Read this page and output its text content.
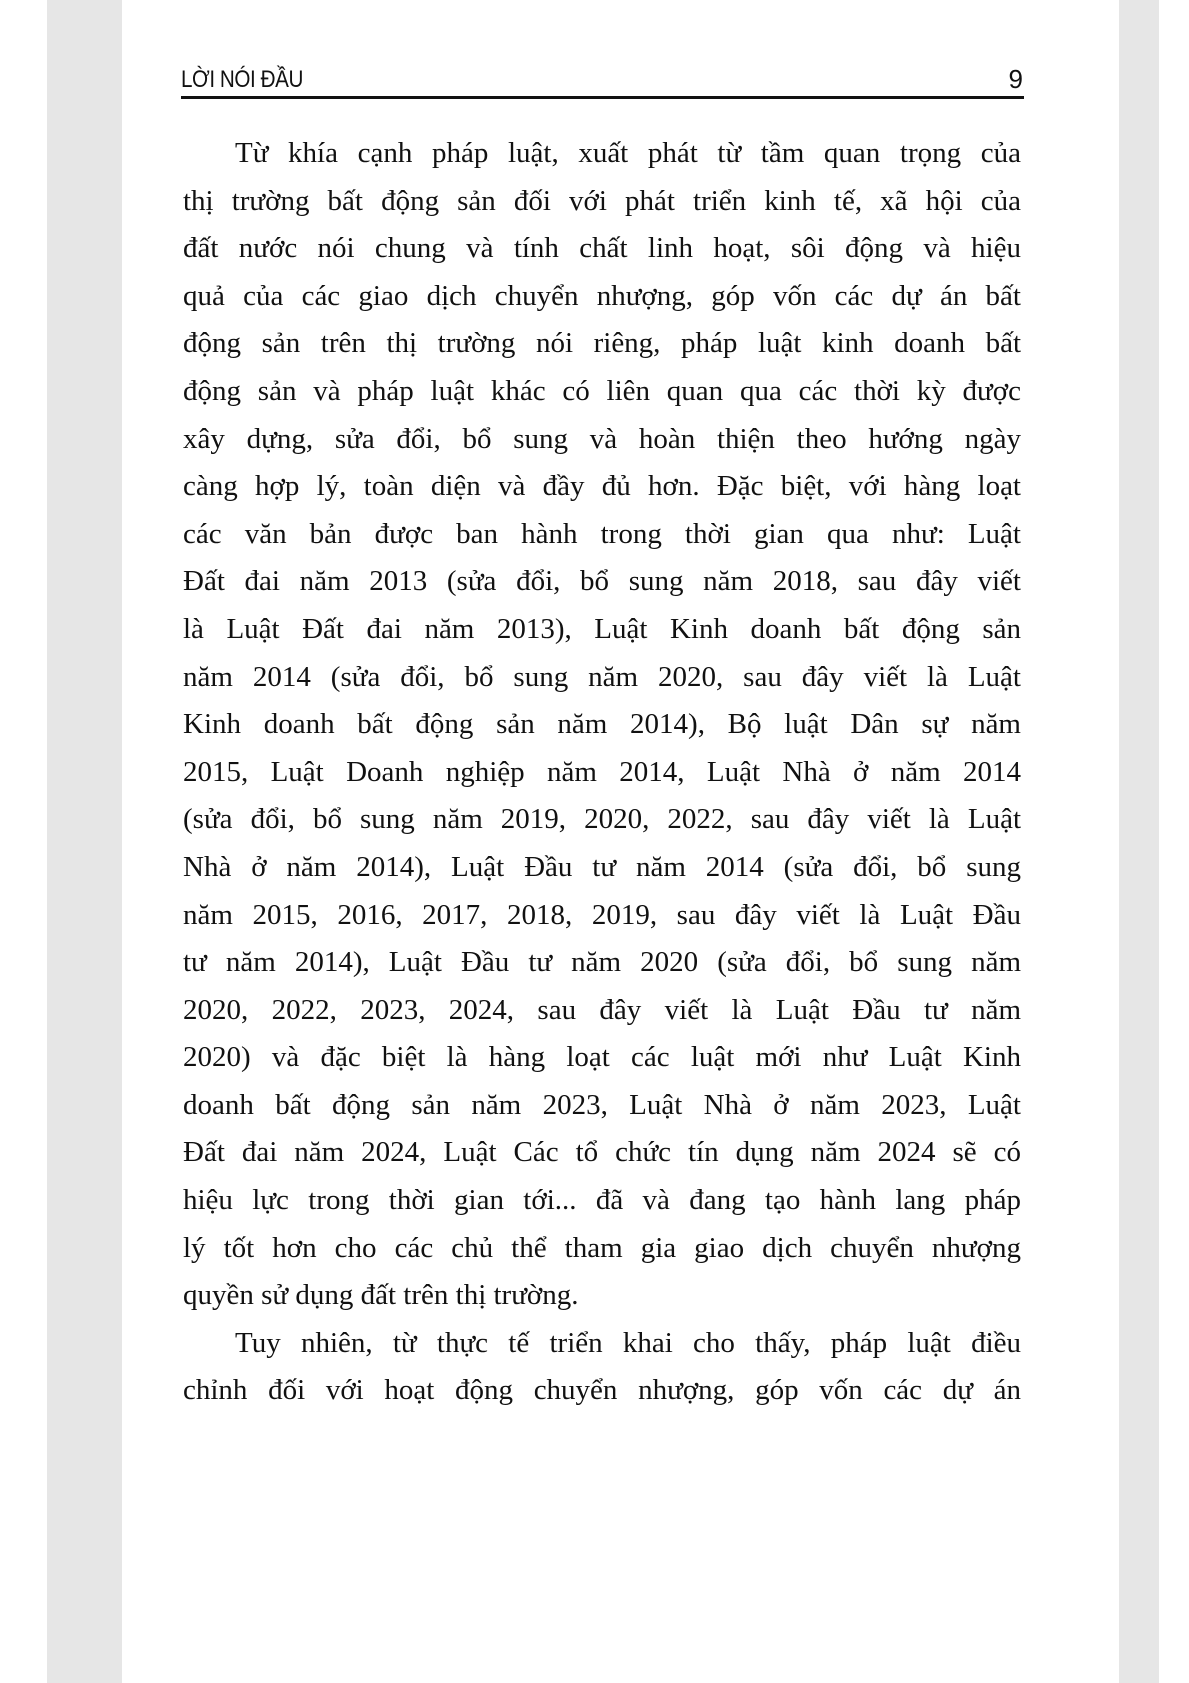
LỜI NÓI ĐẦU	9
Từ khía cạnh pháp luật, xuất phát từ tầm quan trọng của
thị trường bất động sản đối với phát triển kinh tế, xã hội của
đất nước nói chung và tính chất linh hoạt, sôi động và hiệu
quả của các giao dịch chuyển nhượng, góp vốn các dự án bất
động sản trên thị trường nói riêng, pháp luật kinh doanh bất
động sản và pháp luật khác có liên quan qua các thời kỳ được
xây dựng, sửa đổi, bổ sung và hoàn thiện theo hướng ngày
càng hợp lý, toàn diện và đầy đủ hơn. Đặc biệt, với hàng loạt
các văn bản được ban hành trong thời gian qua như: Luật
Đất đai năm 2013 (sửa đổi, bổ sung năm 2018, sau đây viết
là Luật Đất đai năm 2013), Luật Kinh doanh bất động sản
năm 2014 (sửa đổi, bổ sung năm 2020, sau đây viết là Luật
Kinh doanh bất động sản năm 2014), Bộ luật Dân sự năm
2015, Luật Doanh nghiệp năm 2014, Luật Nhà ở năm 2014
(sửa đổi, bổ sung năm 2019, 2020, 2022, sau đây viết là Luật
Nhà ở năm 2014), Luật Đầu tư năm 2014 (sửa đổi, bổ sung
năm 2015, 2016, 2017, 2018, 2019, sau đây viết là Luật Đầu
tư năm 2014), Luật Đầu tư năm 2020 (sửa đổi, bổ sung năm
2020, 2022, 2023, 2024, sau đây viết là Luật Đầu tư năm
2020) và đặc biệt là hàng loạt các luật mới như Luật Kinh
doanh bất động sản năm 2023, Luật Nhà ở năm 2023, Luật
Đất đai năm 2024, Luật Các tổ chức tín dụng năm 2024 sẽ có
hiệu lực trong thời gian tới... đã và đang tạo hành lang pháp
lý tốt hơn cho các chủ thể tham gia giao dịch chuyển nhượng
quyền sử dụng đất trên thị trường.
Tuy nhiên, từ thực tế triển khai cho thấy, pháp luật điều
chỉnh đối với hoạt động chuyển nhượng, góp vốn các dự án
